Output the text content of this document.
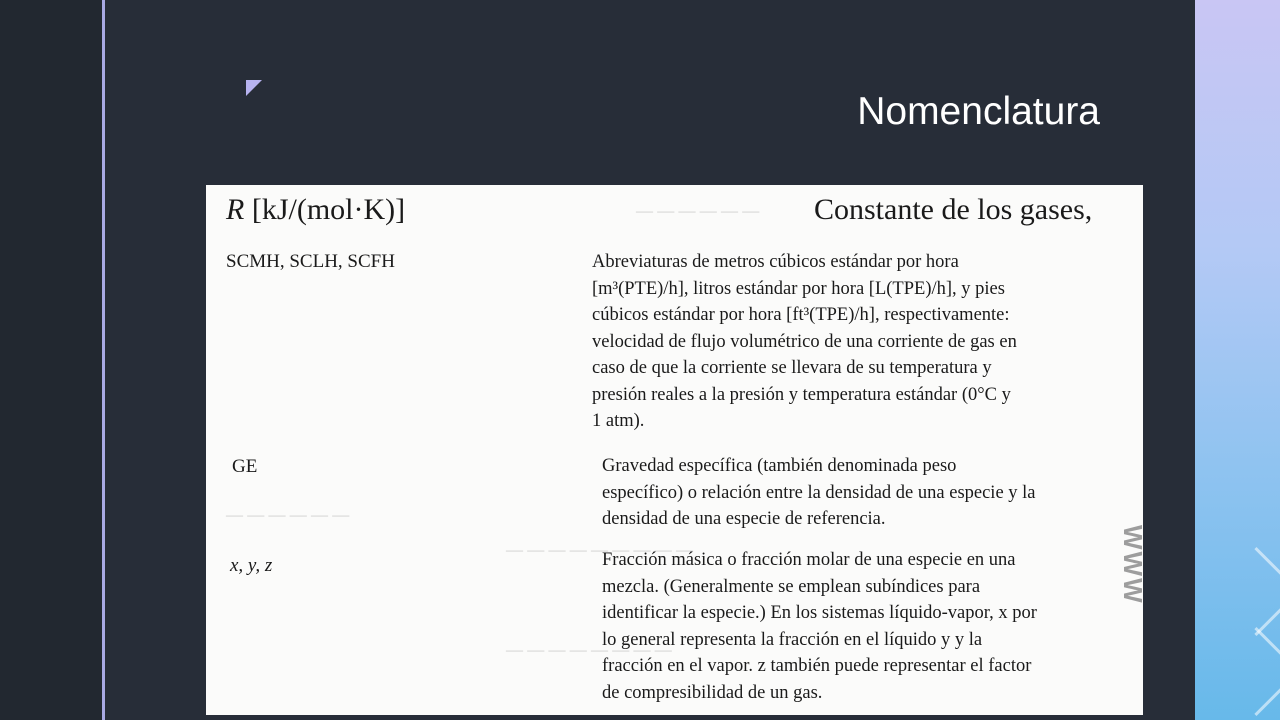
Nomenclatura
— — — — — —
— — — — — —
— — — — — — — — —
— — — — — — — —
R [kJ/(mol·K)]	Constante de los gases,
SCMH, SCLH, SCFH	Abreviaturas de metros cúbicos estándar por hora
[m³(PTE)/h], litros estándar por hora [L(TPE)/h], y pies
cúbicos estándar por hora [ft³(TPE)/h], respectivamente:
velocidad de flujo volumétrico de una corriente de gas en
caso de que la corriente se llevara de su temperatura y
presión reales a la presión y temperatura estándar (0°C y
1 atm).
GE	Gravedad específica (también denominada peso
específico) o relación entre la densidad de una especie y la
densidad de una especie de referencia.
x, y, z	Fracción másica o fracción molar de una especie en una
mezcla. (Generalmente se emplean subíndices para
identificar la especie.) En los sistemas líquido-vapor, x por
lo general representa la fracción en el líquido y y la
fracción en el vapor. z también puede representar el factor
de compresibilidad de un gas.
WWW
